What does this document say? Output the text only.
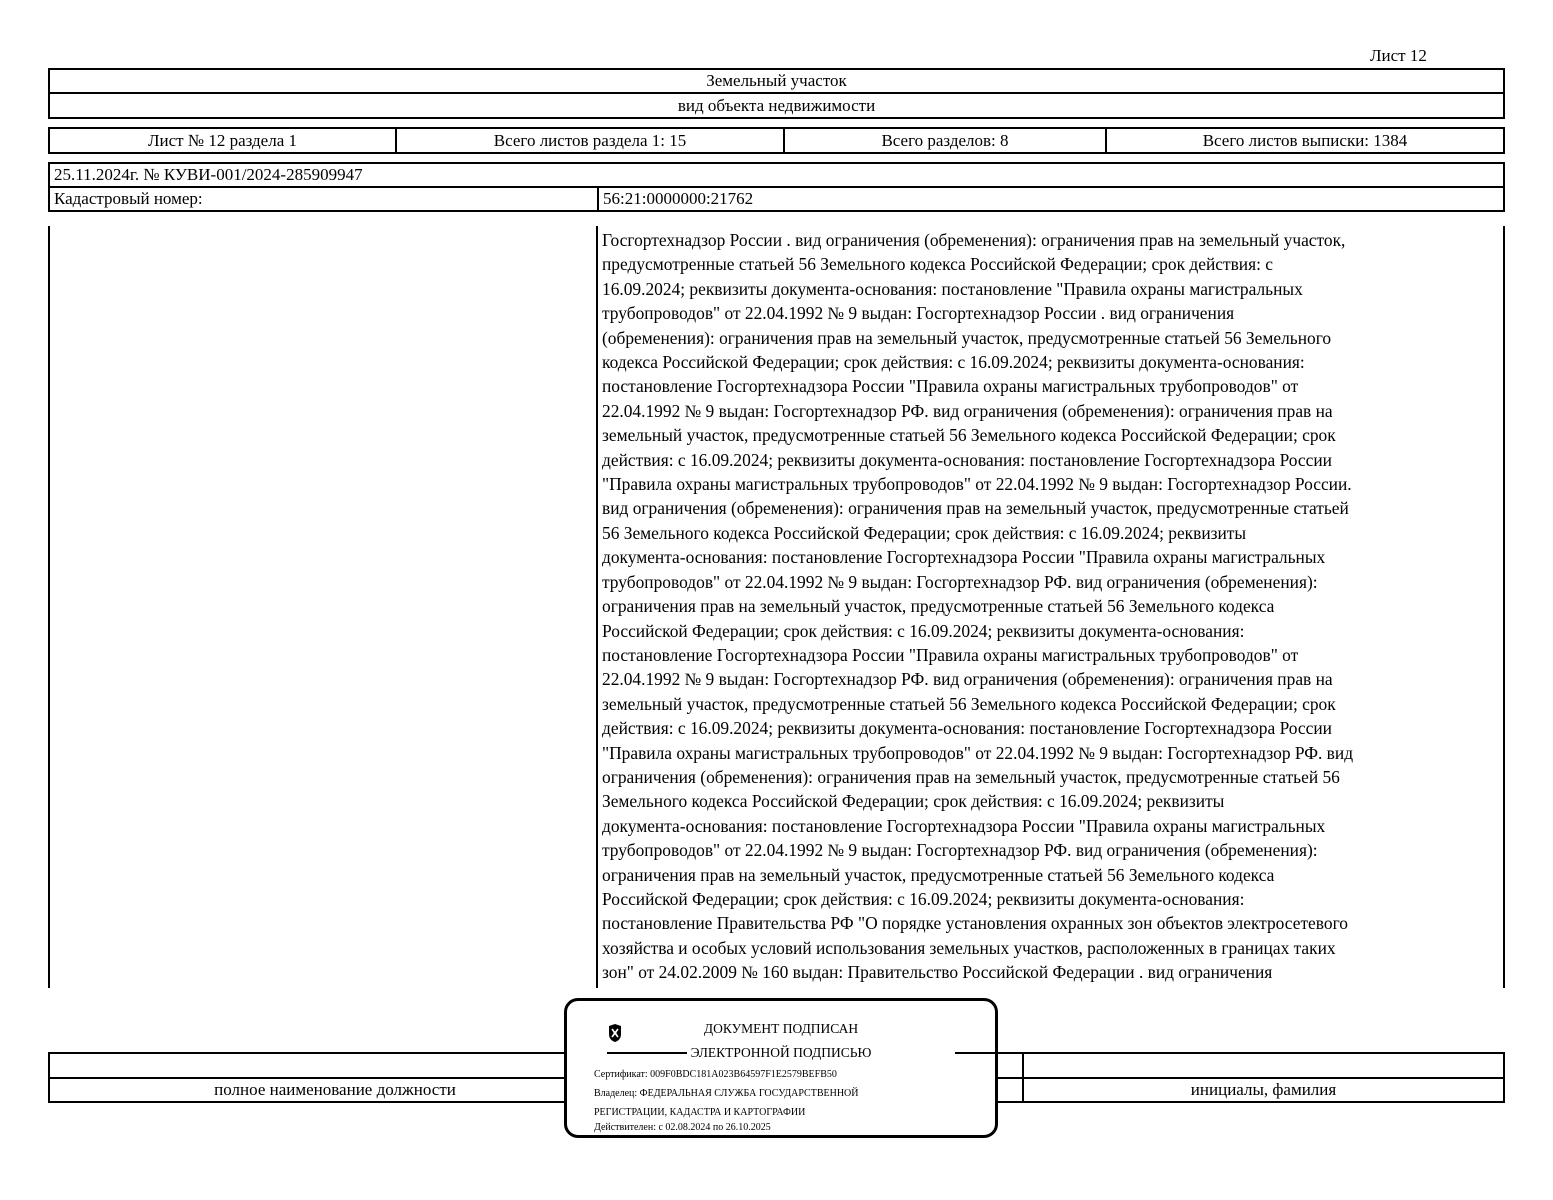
Лист 12
Земельный участок
вид объекта недвижимости
Лист № 12 раздела 1	Всего листов раздела 1: 15	Всего разделов: 8	Всего листов выписки: 1384
25.11.2024г. № КУВИ-001/2024-285909947
Кадастровый номер:	56:21:0000000:21762
Госгортехнадзор России . вид ограничения (обременения): ограничения прав на земельный участок,
предусмотренные статьей 56 Земельного кодекса Российской Федерации; срок действия: с
16.09.2024; реквизиты документа-основания: постановление "Правила охраны магистральных
трубопроводов" от 22.04.1992 № 9 выдан: Госгортехнадзор России . вид ограничения
(обременения): ограничения прав на земельный участок, предусмотренные статьей 56 Земельного
кодекса Российской Федерации; срок действия: с 16.09.2024; реквизиты документа-основания:
постановление Госгортехнадзора России "Правила охраны магистральных трубопроводов" от
22.04.1992 № 9 выдан: Госгортехнадзор РФ. вид ограничения (обременения): ограничения прав на
земельный участок, предусмотренные статьей 56 Земельного кодекса Российской Федерации; срок
действия: с 16.09.2024; реквизиты документа-основания: постановление Госгортехнадзора России
"Правила охраны магистральных трубопроводов" от 22.04.1992 № 9 выдан: Госгортехнадзор России.
вид ограничения (обременения): ограничения прав на земельный участок, предусмотренные статьей
56 Земельного кодекса Российской Федерации; срок действия: с 16.09.2024; реквизиты
документа-основания: постановление Госгортехнадзора России "Правила охраны магистральных
трубопроводов" от 22.04.1992 № 9 выдан: Госгортехнадзор РФ. вид ограничения (обременения):
ограничения прав на земельный участок, предусмотренные статьей 56 Земельного кодекса
Российской Федерации; срок действия: с 16.09.2024; реквизиты документа-основания:
постановление Госгортехнадзора России "Правила охраны магистральных трубопроводов" от
22.04.1992 № 9 выдан: Госгортехнадзор РФ. вид ограничения (обременения): ограничения прав на
земельный участок, предусмотренные статьей 56 Земельного кодекса Российской Федерации; срок
действия: с 16.09.2024; реквизиты документа-основания: постановление Госгортехнадзора России
"Правила охраны магистральных трубопроводов" от 22.04.1992 № 9 выдан: Госгортехнадзор РФ. вид
ограничения (обременения): ограничения прав на земельный участок, предусмотренные статьей 56
Земельного кодекса Российской Федерации; срок действия: с 16.09.2024; реквизиты
документа-основания: постановление Госгортехнадзора России "Правила охраны магистральных
трубопроводов" от 22.04.1992 № 9 выдан: Госгортехнадзор РФ. вид ограничения (обременения):
ограничения прав на земельный участок, предусмотренные статьей 56 Земельного кодекса
Российской Федерации; срок действия: с 16.09.2024; реквизиты документа-основания:
постановление Правительства РФ "О порядке установления охранных зон объектов электросетевого
хозяйства и особых условий использования земельных участков, расположенных в границах таких
зон" от 24.02.2009 № 160 выдан: Правительство Российской Федерации . вид ограничения
полное наименование должности	инициалы, фамилия
ДОКУМЕНТ ПОДПИСАН
ЭЛЕКТРОННОЙ ПОДПИСЬЮ
Сертификат: 009F0BDC181A023B64597F1E2579BEFB50
Владелец: ФЕДЕРАЛЬНАЯ СЛУЖБА ГОСУДАРСТВЕННОЙ
РЕГИСТРАЦИИ, КАДАСТРА И КАРТОГРАФИИ
Действителен: с 02.08.2024 по 26.10.2025
